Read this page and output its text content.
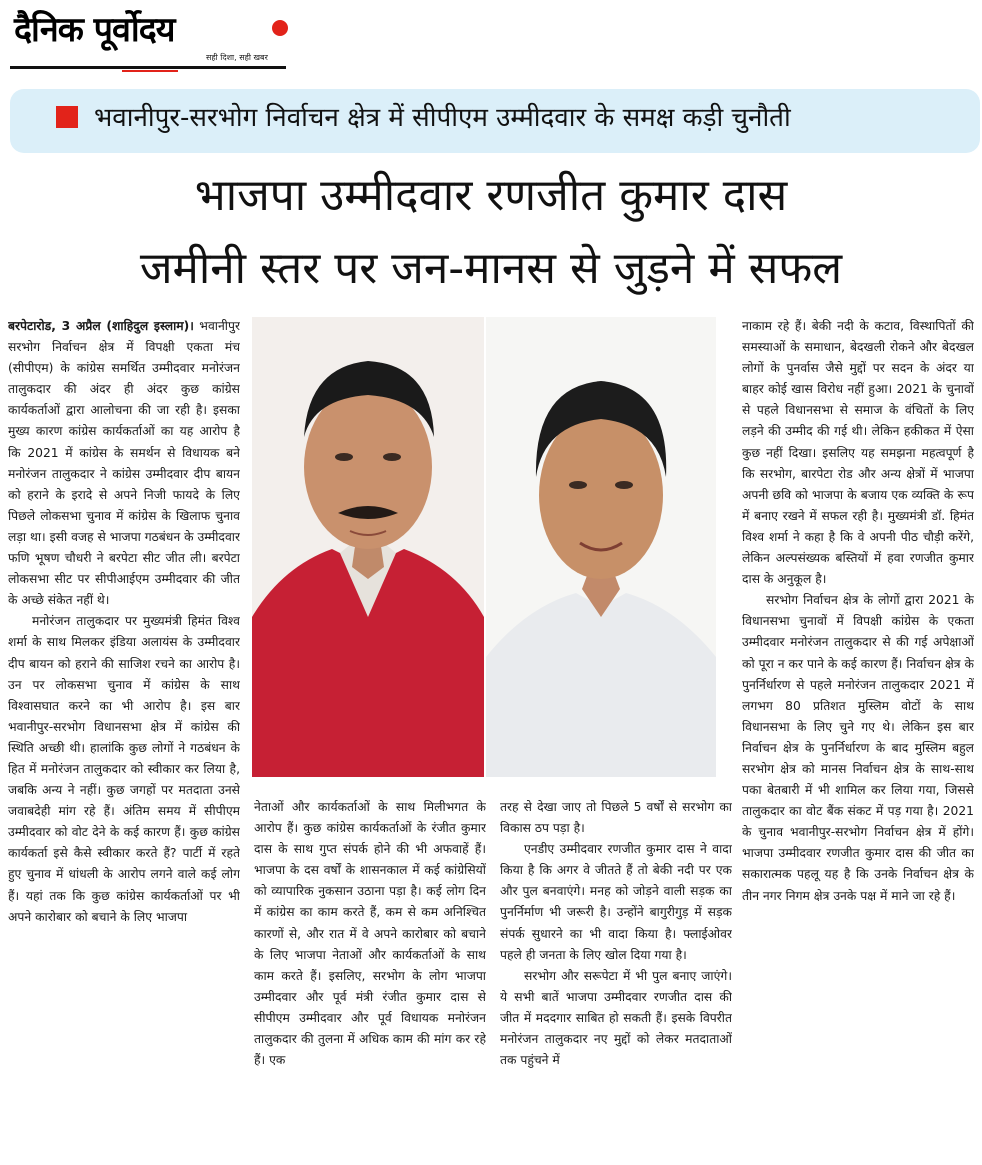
दैनिक पूर्वोदय
सही दिशा, सही खबर
भवानीपुर-सरभोग निर्वाचन क्षेत्र में सीपीएम उम्मीदवार के समक्ष कड़ी चुनौती
भाजपा उम्मीदवार रणजीत कुमार दास
जमीनी स्तर पर जन-मानस से जुड़ने में सफल

बरपेटारोड, 3 अप्रैल (शाहिदुल इस्लाम)। भवानीपुर सरभोग निर्वाचन क्षेत्र में विपक्षी एकता मंच (सीपीएम) के कांग्रेस समर्थित उम्मीदवार मनोरंजन तालुकदार की अंदर ही अंदर कुछ कांग्रेस कार्यकर्ताओं द्वारा आलोचना की जा रही है। इसका मुख्य कारण कांग्रेस कार्यकर्ताओं का यह आरोप है कि 2021 में कांग्रेस के समर्थन से विधायक बने मनोरंजन तालुकदार ने कांग्रेस उम्मीदवार दीप बायन को हराने के इरादे से अपने निजी फायदे के लिए पिछले लोकसभा चुनाव में कांग्रेस के खिलाफ चुनाव लड़ा था। इसी वजह से भाजपा गठबंधन के उम्मीदवार फणि भूषण चौधरी ने बरपेटा सीट जीत ली। बरपेटा लोकसभा सीट पर सीपीआईएम उम्मीदवार की जीत के अच्छे संकेत नहीं थे।

मनोरंजन तालुकदार पर मुख्यमंत्री हिमंत विश्व शर्मा के साथ मिलकर इंडिया अलायंस के उम्मीदवार दीप बायन को हराने की साजिश रचने का आरोप है। उन पर लोकसभा चुनाव में कांग्रेस के साथ विश्वासघात करने का भी आरोप है। इस बार भवानीपुर-सरभोग विधानसभा क्षेत्र में कांग्रेस की स्थिति अच्छी थी। हालांकि कुछ लोगों ने गठबंधन के हित में मनोरंजन तालुकदार को स्वीकार कर लिया है, जबकि अन्य ने नहीं। कुछ जगहों पर मतदाता उनसे जवाबदेही मांग रहे हैं। अंतिम समय में सीपीएम उम्मीदवार को वोट देने के कई कारण हैं। कुछ कांग्रेस कार्यकर्ता इसे कैसे स्वीकार करते हैं? पार्टी में रहते हुए चुनाव में धांधली के आरोप लगने वाले कई लोग हैं। यहां तक कि कुछ कांग्रेस कार्यकर्ताओं पर भी अपने कारोबार को बचाने के लिए भाजपा

नेताओं और कार्यकर्ताओं के साथ मिलीभगत के आरोप हैं। कुछ कांग्रेस कार्यकर्ताओं के रंजीत कुमार दास के साथ गुप्त संपर्क होने की भी अफवाहें हैं। भाजपा के दस वर्षों के शासनकाल में कई कांग्रेसियों को व्यापारिक नुकसान उठाना पड़ा है। कई लोग दिन में कांग्रेस का काम करते हैं, कम से कम अनिश्चित कारणों से, और रात में वे अपने कारोबार को बचाने के लिए भाजपा नेताओं और कार्यकर्ताओं के साथ काम करते हैं। इसलिए, सरभोग के लोग भाजपा उम्मीदवार और पूर्व मंत्री रंजीत कुमार दास से सीपीएम उम्मीदवार और पूर्व विधायक मनोरंजन तालुकदार की तुलना में अधिक काम की मांग कर रहे हैं। एक

तरह से देखा जाए तो पिछले 5 वर्षों से सरभोग का विकास ठप पड़ा है।

एनडीए उम्मीदवार रणजीत कुमार दास ने वादा किया है कि अगर वे जीतते हैं तो बेकी नदी पर एक और पुल बनवाएंगे। मनह को जोड़ने वाली सड़क का पुनर्निर्माण भी जरूरी है। उन्होंने बागुरीगुड़ में सड़क संपर्क सुधारने का भी वादा किया है। फ्लाईओवर पहले ही जनता के लिए खोल दिया गया है।

सरभोग और सरूपेटा में भी पुल बनाए जाएंगे। ये सभी बातें भाजपा उम्मीदवार रणजीत दास की जीत में मददगार साबित हो सकती हैं। इसके विपरीत मनोरंजन तालुकदार नए मुद्दों को लेकर मतदाताओं तक पहुंचने में

नाकाम रहे हैं। बेकी नदी के कटाव, विस्थापितों की समस्याओं के समाधान, बेदखली रोकने और बेदखल लोगों के पुनर्वास जैसे मुद्दों पर सदन के अंदर या बाहर कोई खास विरोध नहीं हुआ। 2021 के चुनावों से पहले विधानसभा से समाज के वंचितों के लिए लड़ने की उम्मीद की गई थी। लेकिन हकीकत में ऐसा कुछ नहीं दिखा। इसलिए यह समझना महत्वपूर्ण है कि सरभोग, बारपेटा रोड और अन्य क्षेत्रों में भाजपा अपनी छवि को भाजपा के बजाय एक व्यक्ति के रूप में बनाए रखने में सफल रही है। मुख्यमंत्री डॉ. हिमंत विश्व शर्मा ने कहा है कि वे अपनी पीठ चौड़ी करेंगे, लेकिन अल्पसंख्यक बस्तियों में हवा रणजीत कुमार दास के अनुकूल है।

सरभोग निर्वाचन क्षेत्र के लोगों द्वारा 2021 के विधानसभा चुनावों में विपक्षी कांग्रेस के एकता उम्मीदवार मनोरंजन तालुकदार से की गई अपेक्षाओं को पूरा न कर पाने के कई कारण हैं। निर्वाचन क्षेत्र के पुनर्निर्धारण से पहले मनोरंजन तालुकदार 2021 में लगभग 80 प्रतिशत मुस्लिम वोटों के साथ विधानसभा के लिए चुने गए थे। लेकिन इस बार निर्वाचन क्षेत्र के पुनर्निर्धारण के बाद मुस्लिम बहुल सरभोग क्षेत्र को मानस निर्वाचन क्षेत्र के साथ-साथ पका बेतबारी में भी शामिल कर लिया गया, जिससे तालुकदार का वोट बैंक संकट में पड़ गया है। 2021 के चुनाव भवानीपुर-सरभोग निर्वाचन क्षेत्र में होंगे। भाजपा उम्मीदवार रणजीत कुमार दास की जीत का सकारात्मक पहलू यह है कि उनके निर्वाचन क्षेत्र के तीन नगर निगम क्षेत्र उनके पक्ष में माने जा रहे हैं।
